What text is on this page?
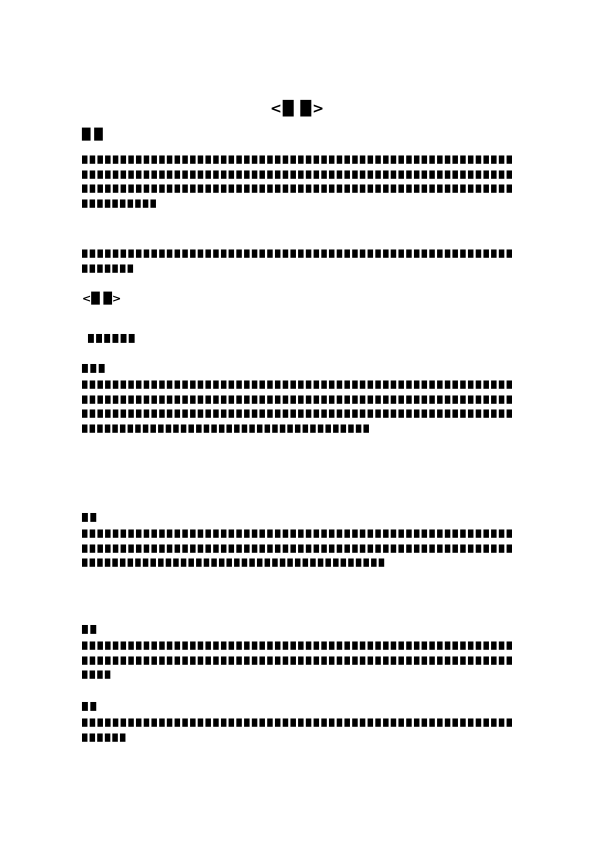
<█ █>
█ █

█ █ █ █ █ █ █ █ █ █ █ █ █ █ █ █ █ █ █ █ █ █ █ █ █ █ █ █ █ █ █ █ █ █ █ █ █ █ █ █ █ █ █ █ █ █ █ █ █ █ █ █ █ █ █ █ █ █ █ █ █ █ █ █ █ █ █ █ █ █ █ █ █ █ █ █ █ █ █ █ █ █ █ █ █ █ █ █ █ █ █ █ █ █ █ █ █ █ █ █ █ █ █ █ █ █ █ █ █ █ █ █ █ █ █ █ █ █ █ █ █ █ █ █ █ █ █ █ █ █ █ █ █ █ █ █ █ █ █ █ █ █ █ █ █ █ █ █ █ █ █ █ █ █ █ █ █ █ █ █ █ █ █ █ █ █ █ █ █ █ █ █ █ █ █ █ █ █

█ █ █ █ █ █ █ █ █ █ █ █ █ █ █ █ █ █ █ █ █ █ █ █ █ █ █ █ █ █ █ █ █ █ █ █ █ █ █ █ █ █ █ █ █ █ █ █ █ █ █ █ █ █ █ █ █ █ █ █ █ █ █

<█ █>
█ █ █ █ █ █
█ █ █

█ █ █ █ █ █ █ █ █ █ █ █ █ █ █ █ █ █ █ █ █ █ █ █ █ █ █ █ █ █ █ █ █ █ █ █ █ █ █ █ █ █ █ █ █ █ █ █ █ █ █ █ █ █ █ █ █ █ █ █ █ █ █ █ █ █ █ █ █ █ █ █ █ █ █ █ █ █ █ █ █ █ █ █ █ █ █ █ █ █ █ █ █ █ █ █ █ █ █ █ █ █ █ █ █ █ █ █ █ █ █ █ █ █ █ █ █ █ █ █ █ █ █ █ █ █ █ █ █ █ █ █ █ █ █ █ █ █ █ █ █ █ █ █ █ █ █ █ █ █ █ █ █ █ █ █ █ █ █ █ █ █ █ █ █ █ █ █ █ █ █ █ █ █ █ █ █ █ █ █ █ █ █ █ █ █ █ █ █ █ █ █ █ █ █ █ █ █ █ █ █ █ █ █ █ █

█ █

█ █ █ █ █ █ █ █ █ █ █ █ █ █ █ █ █ █ █ █ █ █ █ █ █ █ █ █ █ █ █ █ █ █ █ █ █ █ █ █ █ █ █ █ █ █ █ █ █ █ █ █ █ █ █ █ █ █ █ █ █ █ █ █ █ █ █ █ █ █ █ █ █ █ █ █ █ █ █ █ █ █ █ █ █ █ █ █ █ █ █ █ █ █ █ █ █ █ █ █ █ █ █ █ █ █ █ █ █ █ █ █ █ █ █ █ █ █ █ █ █ █ █ █ █ █ █ █ █ █ █ █ █ █ █ █ █ █ █ █ █ █ █ █ █ █ █ █ █ █ █ █

█ █

█ █ █ █ █ █ █ █ █ █ █ █ █ █ █ █ █ █ █ █ █ █ █ █ █ █ █ █ █ █ █ █ █ █ █ █ █ █ █ █ █ █ █ █ █ █ █ █ █ █ █ █ █ █ █ █ █ █ █ █ █ █ █ █ █ █ █ █ █ █ █ █ █ █ █ █ █ █ █ █ █ █ █ █ █ █ █ █ █ █ █ █ █ █ █ █ █ █ █ █ █ █ █ █ █ █ █ █ █ █ █ █ █ █ █ █

█ █

█ █ █ █ █ █ █ █ █ █ █ █ █ █ █ █ █ █ █ █ █ █ █ █ █ █ █ █ █ █ █ █ █ █ █ █ █ █ █ █ █ █ █ █ █ █ █ █ █ █ █ █ █ █ █ █ █ █ █ █ █ █
